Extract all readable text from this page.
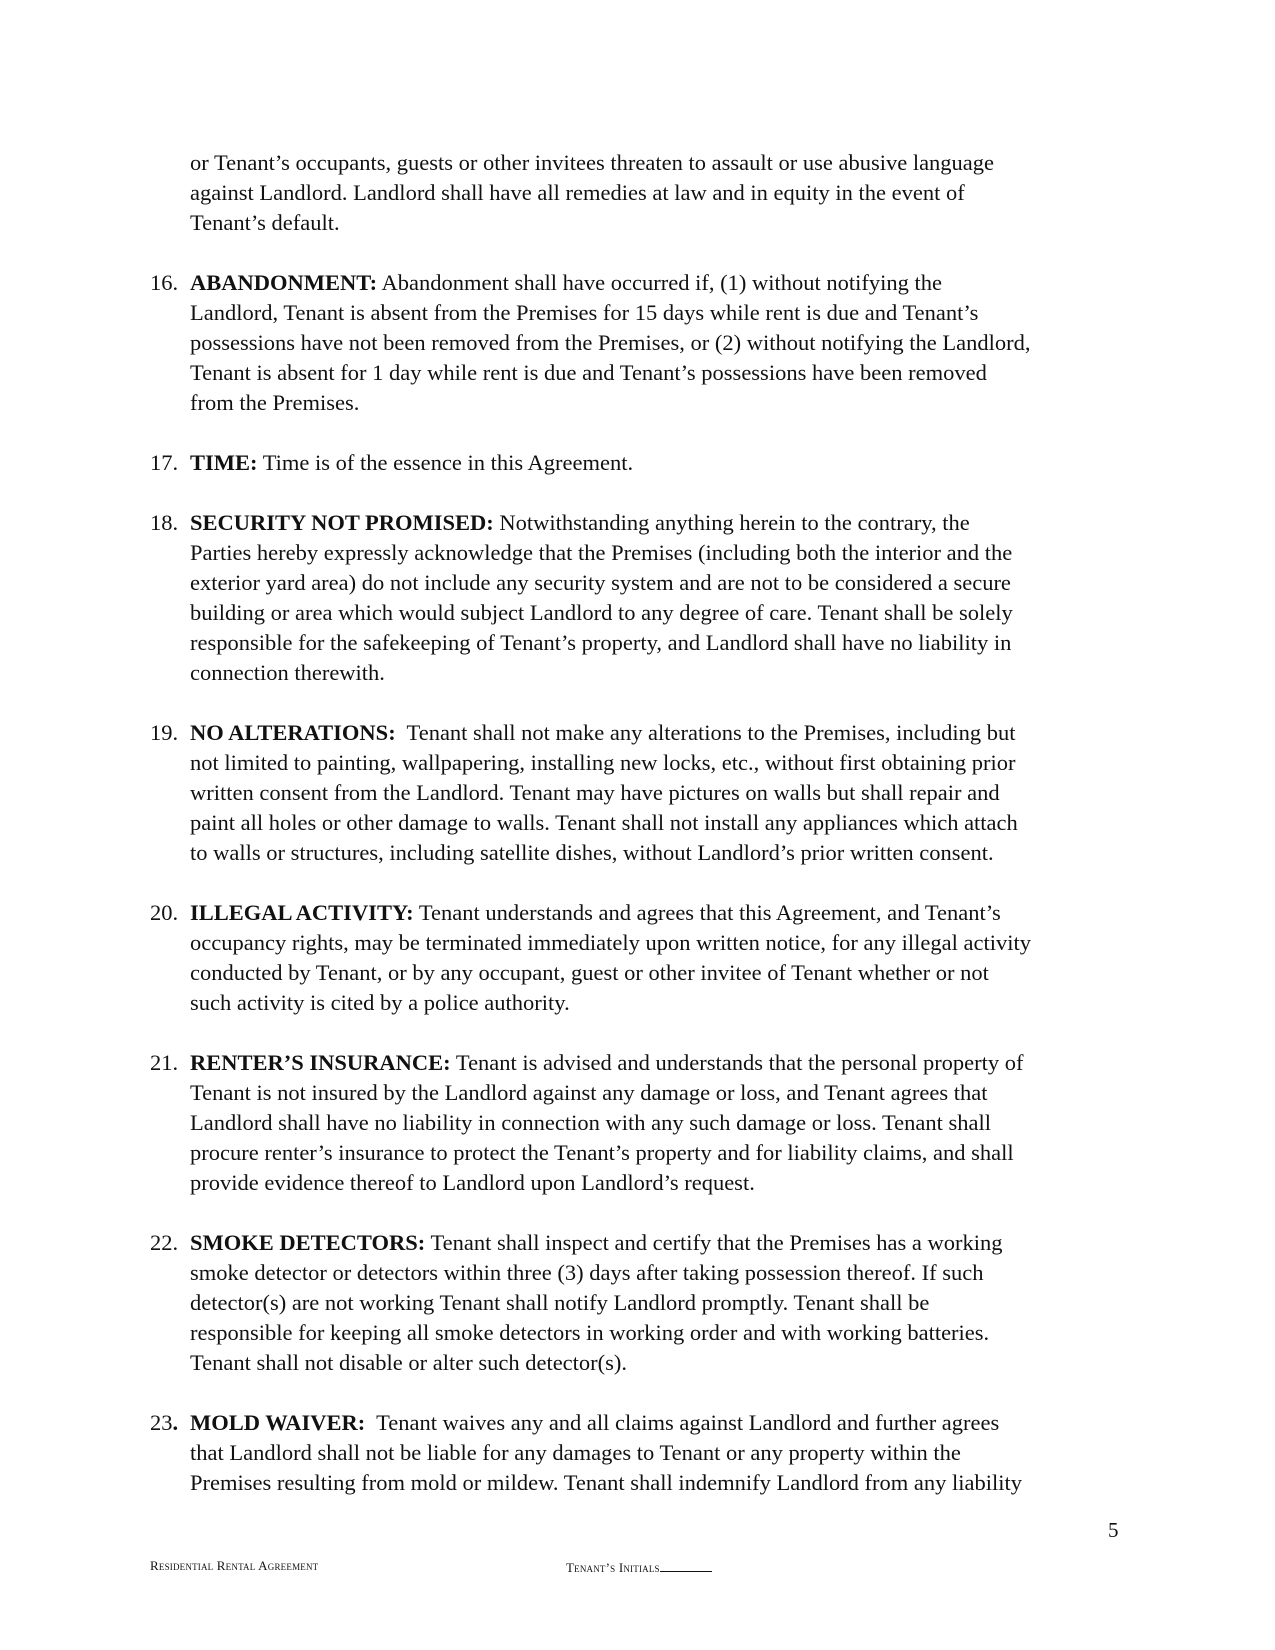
or Tenant’s occupants, guests or other invitees threaten to assault or use abusive language
against Landlord. Landlord shall have all remedies at law and in equity in the event of
Tenant’s default.
16. ABANDONMENT: Abandonment shall have occurred if, (1) without notifying the
Landlord, Tenant is absent from the Premises for 15 days while rent is due and Tenant’s
possessions have not been removed from the Premises, or (2) without notifying the Landlord,
Tenant is absent for 1 day while rent is due and Tenant’s possessions have been removed
from the Premises.
17. TIME: Time is of the essence in this Agreement.
18. SECURITY NOT PROMISED: Notwithstanding anything herein to the contrary, the
Parties hereby expressly acknowledge that the Premises (including both the interior and the
exterior yard area) do not include any security system and are not to be considered a secure
building or area which would subject Landlord to any degree of care. Tenant shall be solely
responsible for the safekeeping of Tenant’s property, and Landlord shall have no liability in
connection therewith.
19. NO ALTERATIONS:  Tenant shall not make any alterations to the Premises, including but
not limited to painting, wallpapering, installing new locks, etc., without first obtaining prior
written consent from the Landlord. Tenant may have pictures on walls but shall repair and
paint all holes or other damage to walls. Tenant shall not install any appliances which attach
to walls or structures, including satellite dishes, without Landlord’s prior written consent.
20. ILLEGAL ACTIVITY: Tenant understands and agrees that this Agreement, and Tenant’s
occupancy rights, may be terminated immediately upon written notice, for any illegal activity
conducted by Tenant, or by any occupant, guest or other invitee of Tenant whether or not
such activity is cited by a police authority.
21. RENTER’S INSURANCE: Tenant is advised and understands that the personal property of
Tenant is not insured by the Landlord against any damage or loss, and Tenant agrees that
Landlord shall have no liability in connection with any such damage or loss. Tenant shall
procure renter’s insurance to protect the Tenant’s property and for liability claims, and shall
provide evidence thereof to Landlord upon Landlord’s request.
22. SMOKE DETECTORS: Tenant shall inspect and certify that the Premises has a working
smoke detector or detectors within three (3) days after taking possession thereof. If such
detector(s) are not working Tenant shall notify Landlord promptly. Tenant shall be
responsible for keeping all smoke detectors in working order and with working batteries.
Tenant shall not disable or alter such detector(s).
23. MOLD WAIVER:  Tenant waives any and all claims against Landlord and further agrees
that Landlord shall not be liable for any damages to Tenant or any property within the
Premises resulting from mold or mildew. Tenant shall indemnify Landlord from any liability
5
Residential Rental Agreement	Tenant’s Initials
